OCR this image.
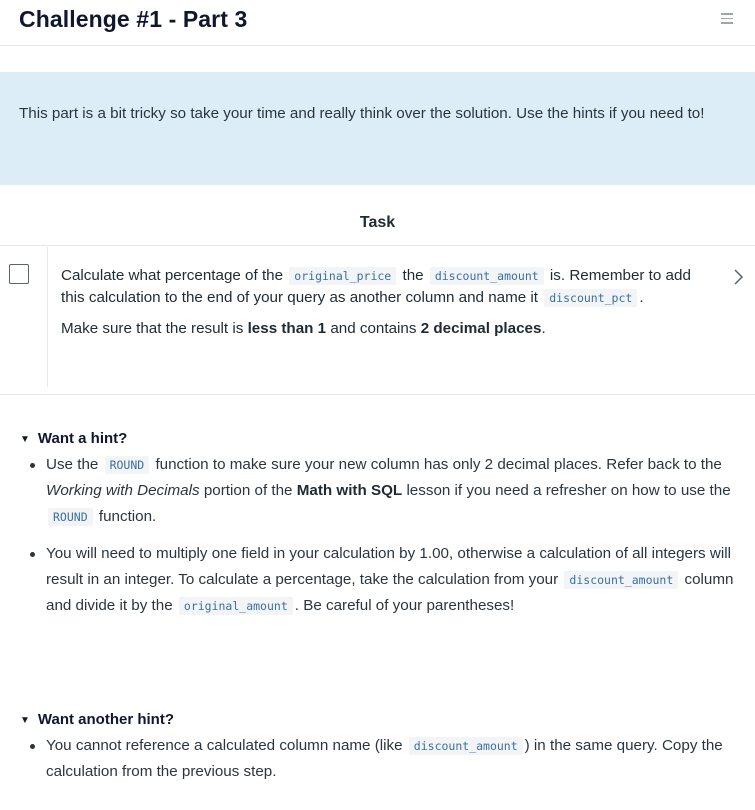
Challenge #1 - Part 3
This part is a bit tricky so take your time and really think over the solution. Use the hints if you need to!
Task

Calculate what percentage of the original_price the discount_amount is. Remember to add this calculation to the end of your query as another column and name it discount_pct .

Make sure that the result is less than 1 and contains 2 decimal places.

▼ Want a hint?
Use the ROUND function to make sure your new column has only 2 decimal places. Refer back to the Working with Decimals portion of the Math with SQL lesson if you need a refresher on how to use the ROUND function.
You will need to multiply one field in your calculation by 1.00, otherwise a calculation of all integers will result in an integer. To calculate a percentage, take the calculation from your discount_amount column and divide it by the original_amount . Be careful of your parentheses!
▼ Want another hint?
You cannot reference a calculated column name (like discount_amount ) in the same query. Copy the calculation from the previous step.
